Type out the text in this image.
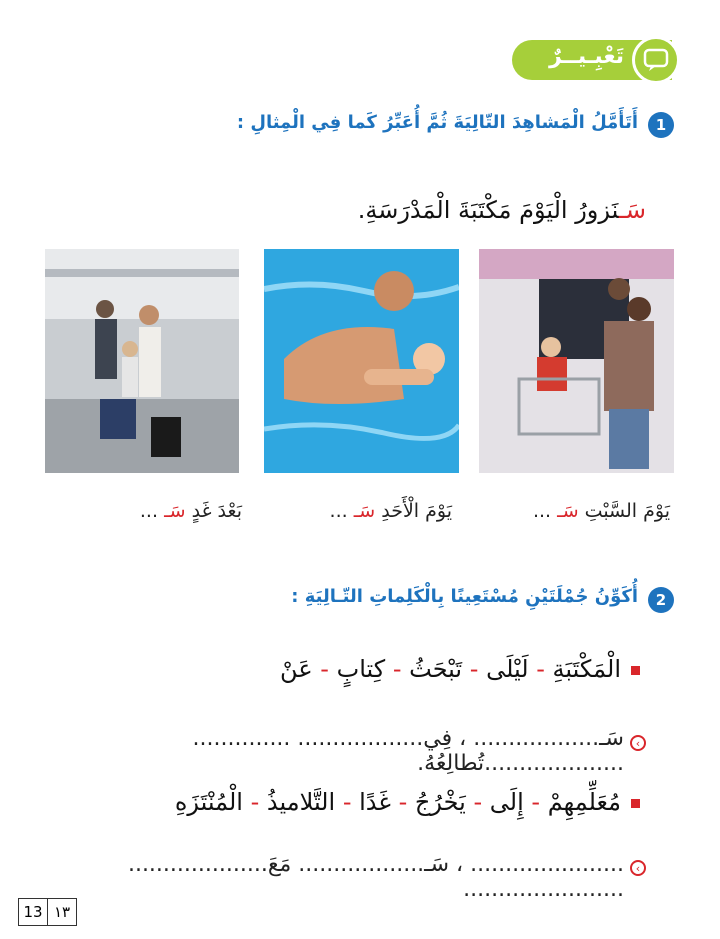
تَعْبِـيــرٌ
1
أَتَأَمَّلُ الْمَشاهِدَ التّالِيَةَ ثُمَّ أُعَبِّرُ كَما فِي الْمِثالِ :
سَـنَزورُ الْيَوْمَ مَكْتَبَةَ الْمَدْرَسَةِ.
يَوْمَ السَّبْتِ سَـ ...
يَوْمَ الْأَحَدِ سَـ ...
بَعْدَ غَدٍ سَـ ...
2
أُكَوِّنُ جُمْلَتَيْنِ مُسْتَعِينًا بِالْكَلِماتِ التّـالِيَةِ :
الْمَكْتَبَةِ - لَيْلَى - تَبْحَثُ - كِتابٍ - عَنْ
‹
سَـ.................. ، فِي.................. .............. ....................تُطالِعُهُ.
مُعَلِّمِهِمْ - إِلَى - يَخْرُجُ - غَدًا - التَّلاميذُ - الْمُنْتَزَهِ
‹
...................... ، سَـ.................. مَعَ.................... .......................
13 ١٣
